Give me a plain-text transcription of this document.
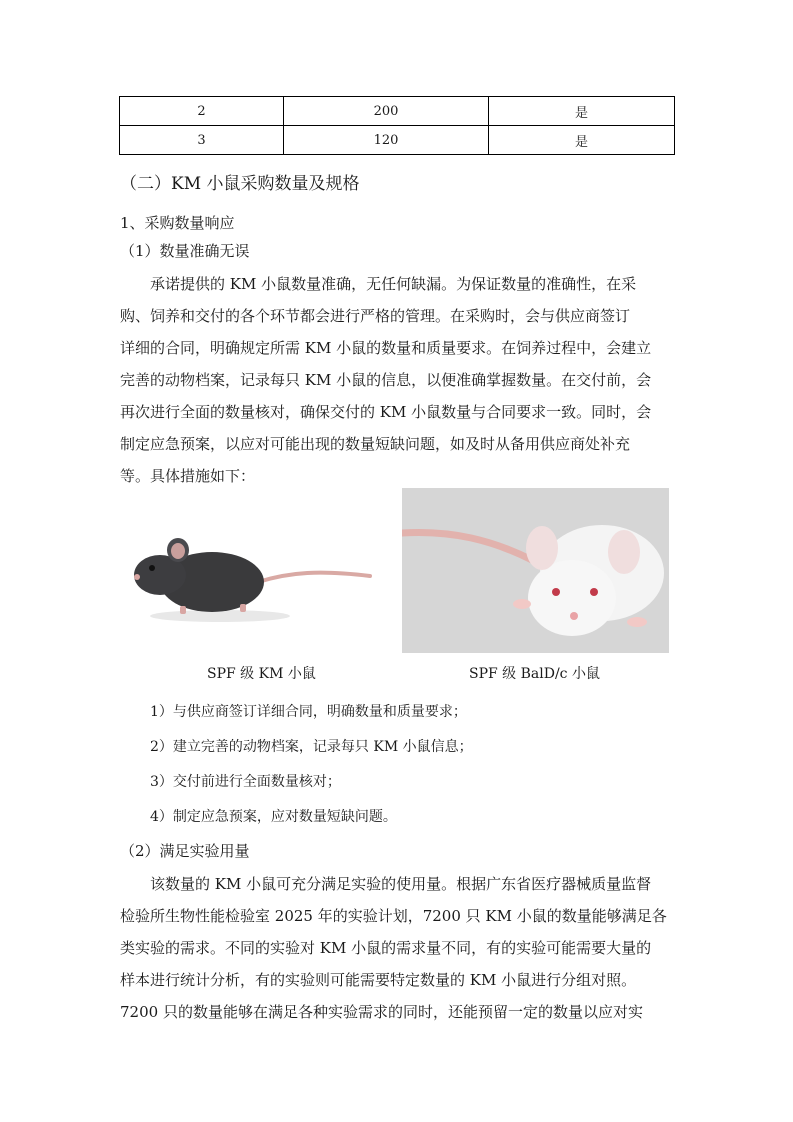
2	200	是
3	120	是
（二）KM 小鼠采购数量及规格
1、采购数量响应
（1）数量准确无误
承诺提供的 KM 小鼠数量准确，无任何缺漏。为保证数量的准确性，在采
购、饲养和交付的各个环节都会进行严格的管理。在采购时，会与供应商签订
详细的合同，明确规定所需 KM 小鼠的数量和质量要求。在饲养过程中，会建立
完善的动物档案，记录每只 KM 小鼠的信息，以便准确掌握数量。在交付前，会
再次进行全面的数量核对，确保交付的 KM 小鼠数量与合同要求一致。同时，会
制定应急预案，以应对可能出现的数量短缺问题，如及时从备用供应商处补充
等。具体措施如下：
SPF 级 KM 小鼠	SPF 级 BalD/c 小鼠
1）与供应商签订详细合同，明确数量和质量要求；
2）建立完善的动物档案，记录每只 KM 小鼠信息；
3）交付前进行全面数量核对；
4）制定应急预案，应对数量短缺问题。
（2）满足实验用量
该数量的 KM 小鼠可充分满足实验的使用量。根据广东省医疗器械质量监督
检验所生物性能检验室 2025 年的实验计划，7200 只 KM 小鼠的数量能够满足各
类实验的需求。不同的实验对 KM 小鼠的需求量不同，有的实验可能需要大量的
样本进行统计分析，有的实验则可能需要特定数量的 KM 小鼠进行分组对照。
7200 只的数量能够在满足各种实验需求的同时，还能预留一定的数量以应对实
